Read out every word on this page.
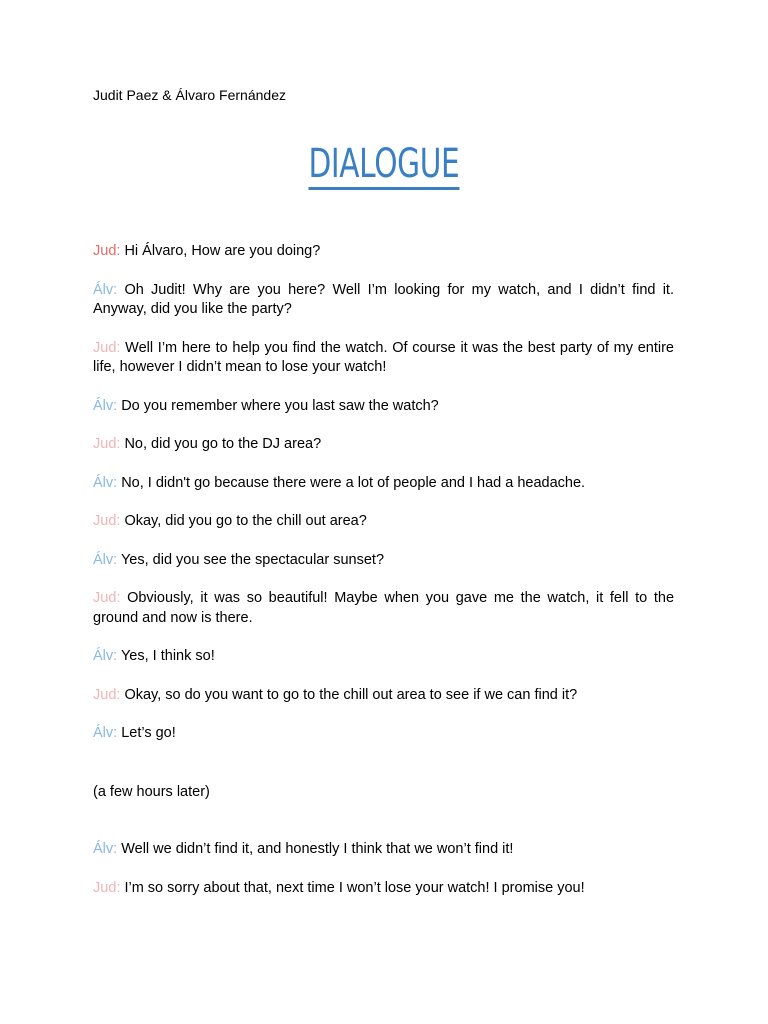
Judit Paez & Álvaro Fernández
DIALOGUE

Jud: Hi Álvaro, How are you doing?

Álv: Oh Judit! Why are you here? Well I’m looking for my watch, and I didn’t find it. Anyway, did you like the party?

Jud: Well I’m here to help you find the watch. Of course it was the best party of my entire life, however I didn’t mean to lose your watch!

Álv: Do you remember where you last saw the watch?

Jud: No, did you go to the DJ area?

Álv: No, I didn't go because there were a lot of people and I had a headache.

Jud: Okay, did you go to the chill out area?

Álv: Yes, did you see the spectacular sunset?

Jud: Obviously, it was so beautiful! Maybe when you gave me the watch, it fell to the ground and now is there.

Álv: Yes, I think so!

Jud: Okay, so do you want to go to the chill out area to see if we can find it?

Álv: Let’s go!

(a few hours later)

Álv: Well we didn’t find it, and honestly I think that we won’t find it!

Jud: I’m so sorry about that, next time I won’t lose your watch! I promise you!
